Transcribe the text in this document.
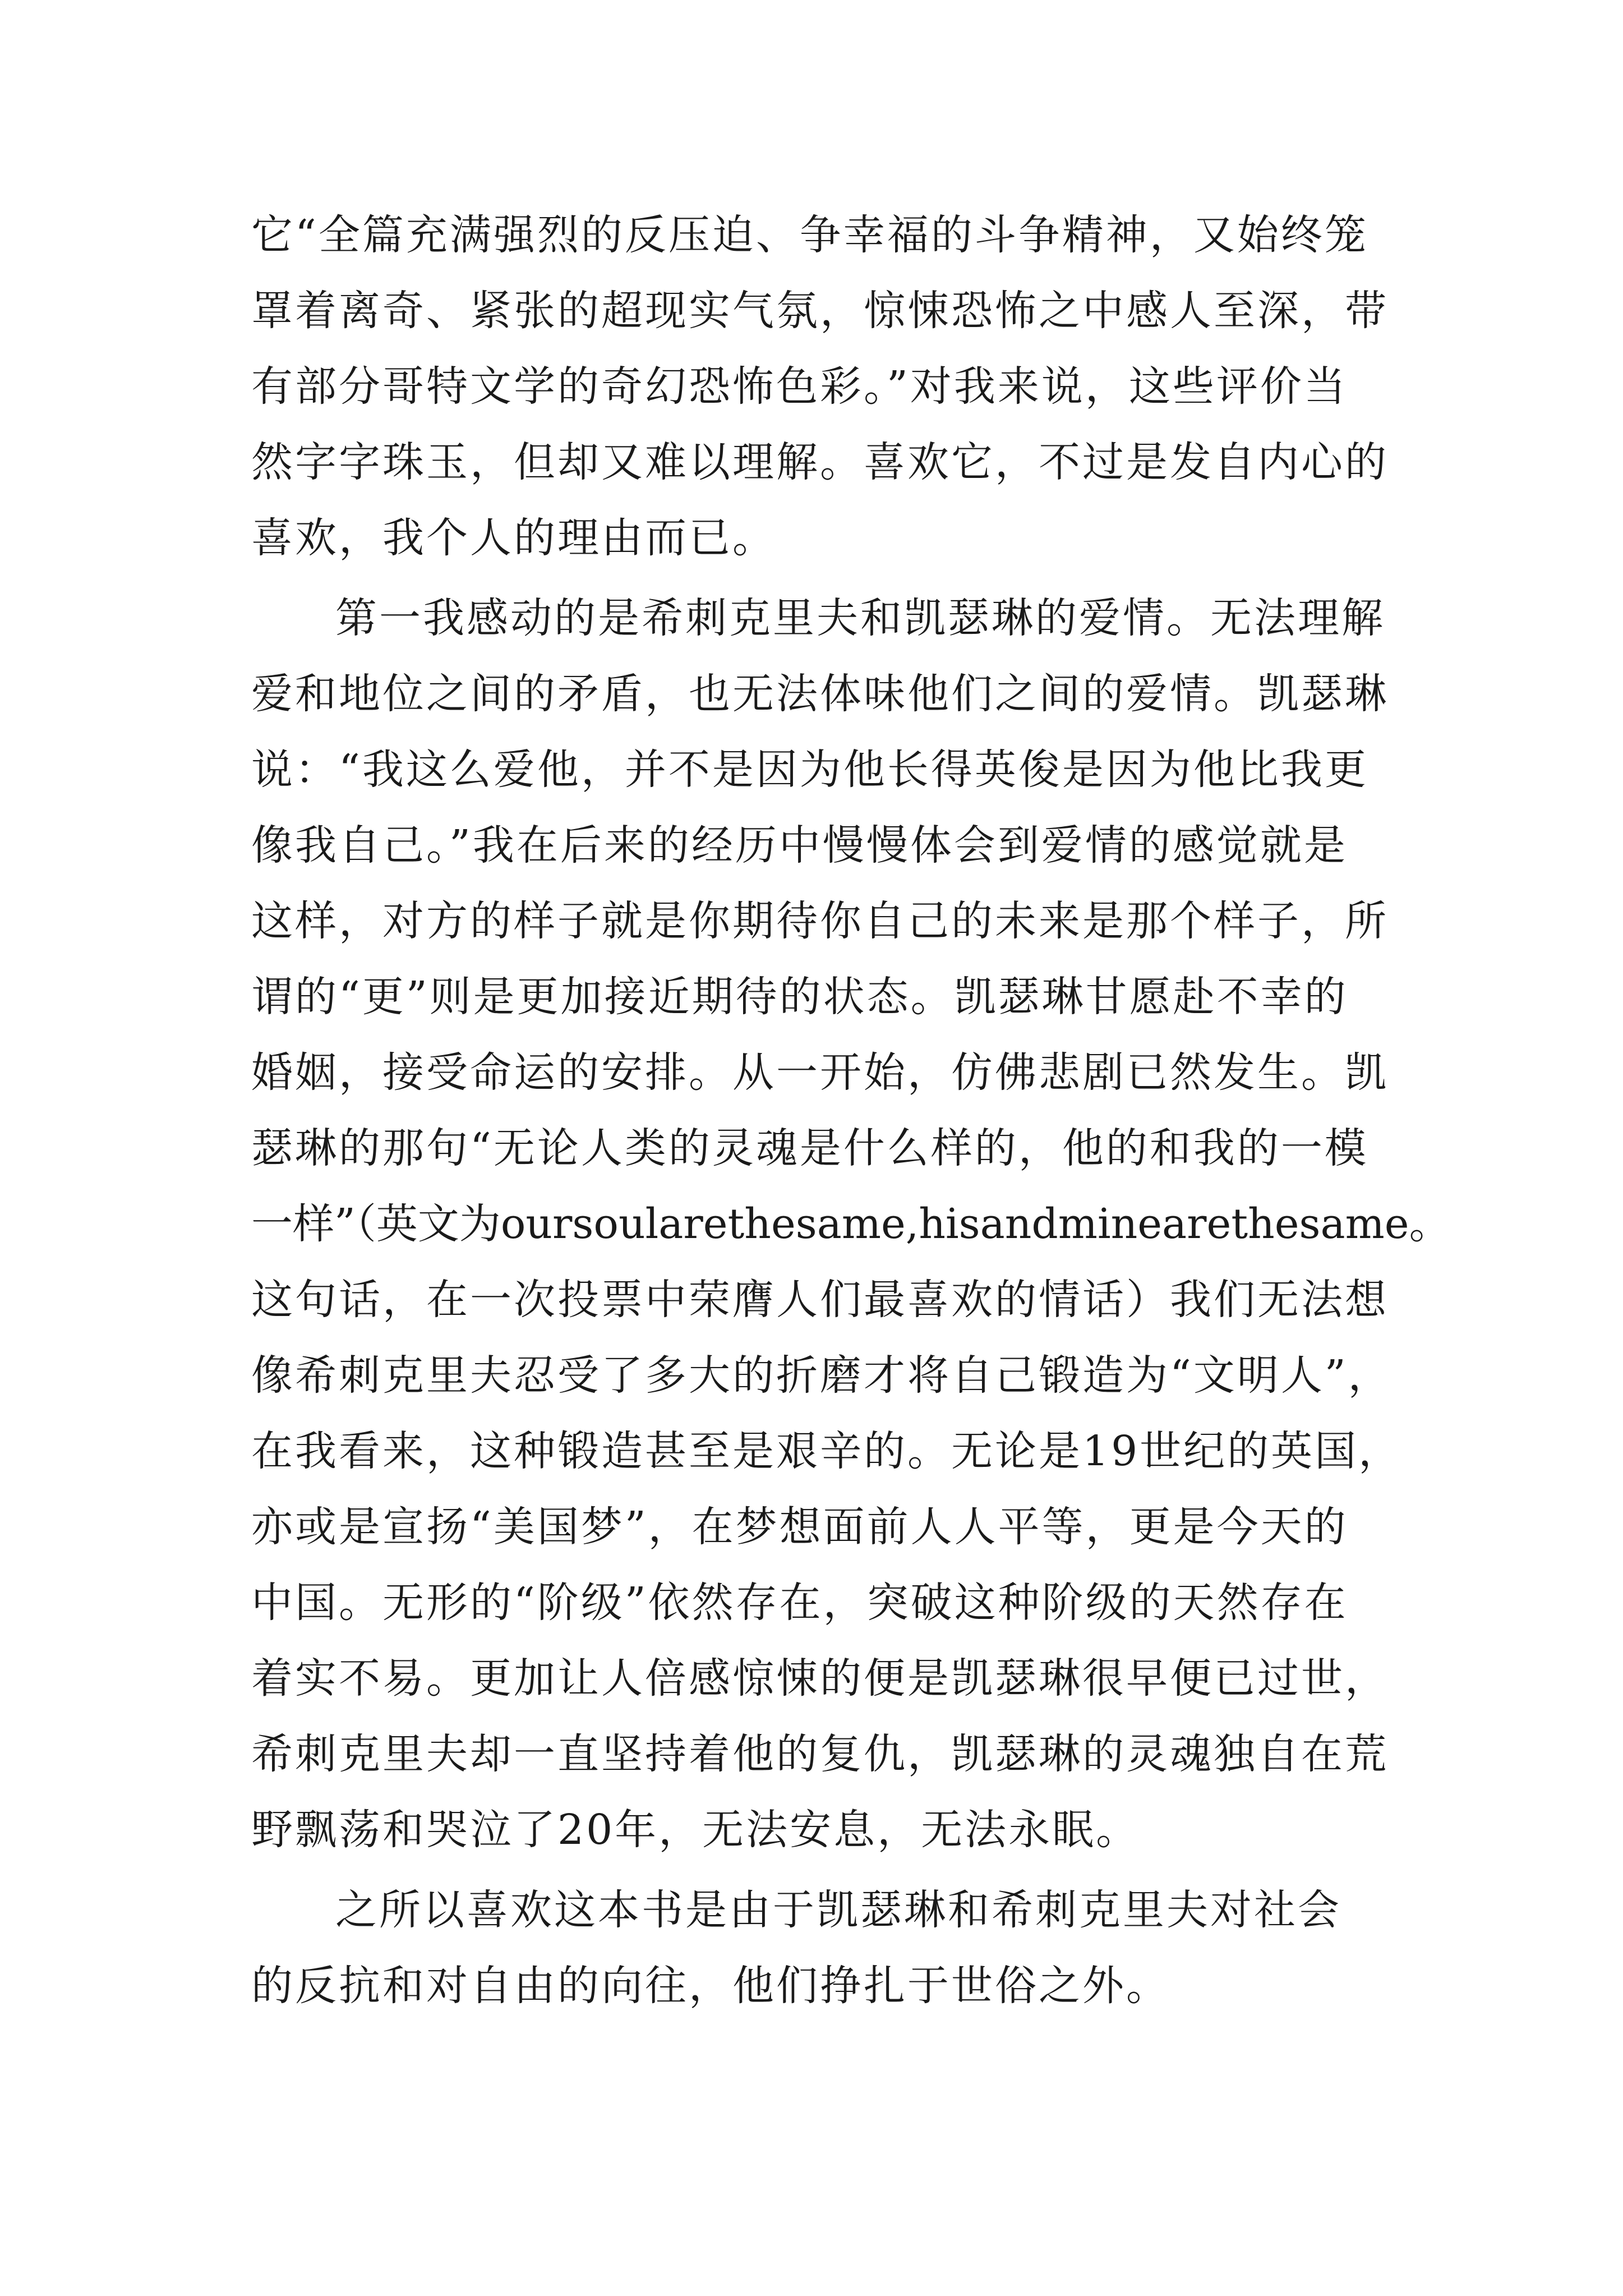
它“全篇充满强烈的反压迫、争幸福的斗争精神，又始终笼
罩着离奇、紧张的超现实气氛，惊悚恐怖之中感人至深，带
有部分哥特文学的奇幻恐怖色彩。”对我来说，这些评价当
然字字珠玉，但却又难以理解。喜欢它，不过是发自内心的
喜欢，我个人的理由而已。
第一我感动的是希刺克里夫和凯瑟琳的爱情。无法理解
爱和地位之间的矛盾，也无法体味他们之间的爱情。凯瑟琳
说：“我这么爱他，并不是因为他长得英俊是因为他比我更
像我自己。”我在后来的经历中慢慢体会到爱情的感觉就是
这样，对方的样子就是你期待你自己的未来是那个样子，所
谓的“更”则是更加接近期待的状态。凯瑟琳甘愿赴不幸的
婚姻，接受命运的安排。从一开始，仿佛悲剧已然发生。凯
瑟琳的那句“无论人类的灵魂是什么样的，他的和我的一模
一样”（英文为oursoularethesame,hisandminearethesame。
这句话，在一次投票中荣膺人们最喜欢的情话）我们无法想
像希刺克里夫忍受了多大的折磨才将自己锻造为“文明人”，
在我看来，这种锻造甚至是艰辛的。无论是19世纪的英国，
亦或是宣扬“美国梦”，在梦想面前人人平等，更是今天的
中国。无形的“阶级”依然存在，突破这种阶级的天然存在
着实不易。更加让人倍感惊悚的便是凯瑟琳很早便已过世，
希刺克里夫却一直坚持着他的复仇，凯瑟琳的灵魂独自在荒
野飘荡和哭泣了20年，无法安息，无法永眠。
之所以喜欢这本书是由于凯瑟琳和希刺克里夫对社会
的反抗和对自由的向往，他们挣扎于世俗之外。
